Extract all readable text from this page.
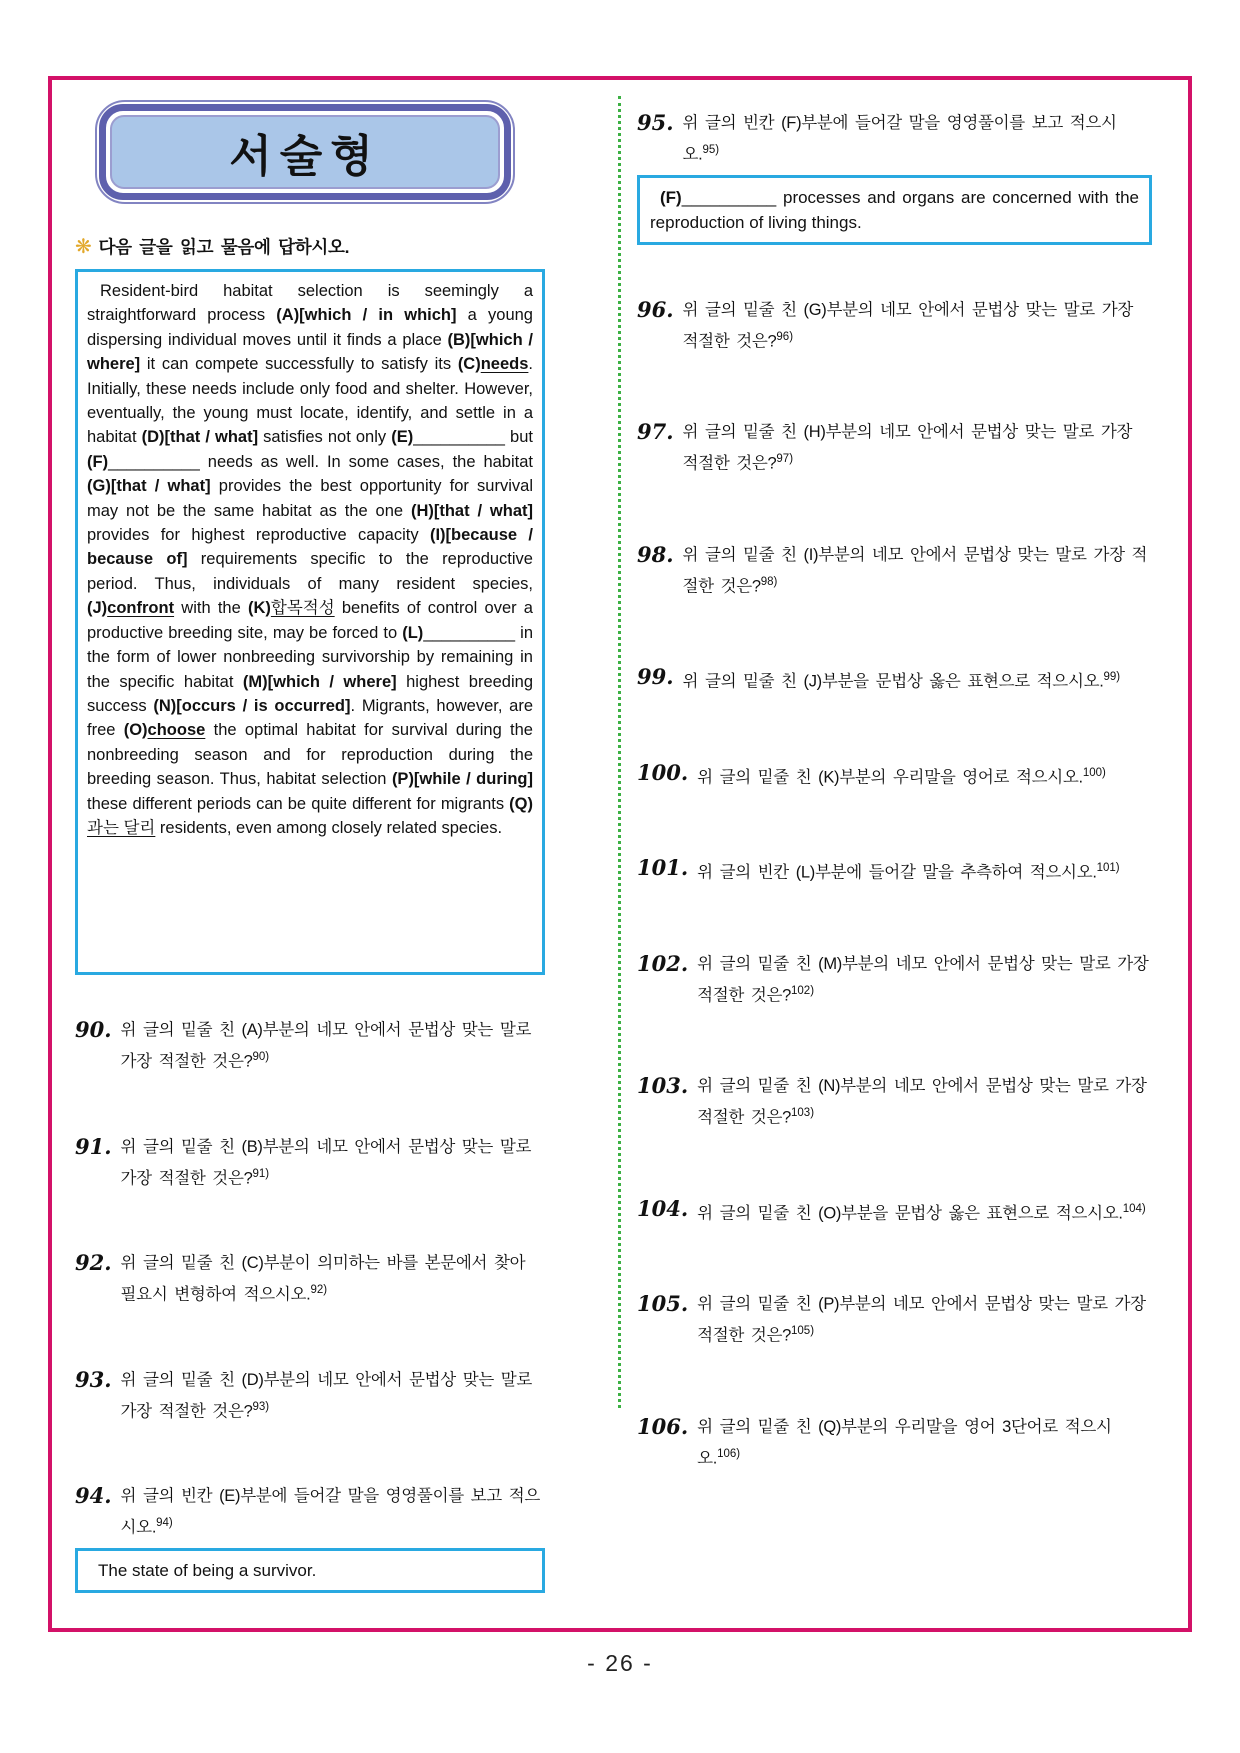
서술형
❋ 다음 글을 읽고 물음에 답하시오.
Resident-bird habitat selection is seemingly a straightforward process (A)[which / in which] a young dispersing individual moves until it finds a place (B)[which / where] it can compete successfully to satisfy its (C)needs. Initially, these needs include only food and shelter. However, eventually, the young must locate, identify, and settle in a habitat (D)[that / what] satisfies not only (E)__________ but (F)__________ needs as well. In some cases, the habitat (G)[that / what] provides the best opportunity for survival may not be the same habitat as the one (H)[that / what] provides for highest reproductive capacity (I)[because / because of] requirements specific to the reproductive period. Thus, individuals of many resident species, (J)confront with the (K)합목적성 benefits of control over a productive breeding site, may be forced to (L)__________ in the form of lower nonbreeding survivorship by remaining in the specific habitat (M)[which / where] highest breeding success (N)[occurs / is occurred]. Migrants, however, are free (O)choose the optimal habitat for survival during the nonbreeding season and for reproduction during the breeding season. Thus, habitat selection (P)[while / during] these different periods can be quite different for migrants (Q)과는 달리 residents, even among closely related species.
90. 위 글의 밑줄 친 (A)부분의 네모 안에서 문법상 맞는 말로 가장 적절한 것은?$^{90)}$
91. 위 글의 밑줄 친 (B)부분의 네모 안에서 문법상 맞는 말로 가장 적절한 것은?$^{91)}$
92. 위 글의 밑줄 친 (C)부분이 의미하는 바를 본문에서 찾아 필요시 변형하여 적으시오.$^{92)}$
93. 위 글의 밑줄 친 (D)부분의 네모 안에서 문법상 맞는 말로 가장 적절한 것은?$^{93)}$
94. 위 글의 빈칸 (E)부분에 들어갈 말을 영영풀이를 보고 적으시오.$^{94)}$
The state of being a survivor.
95. 위 글의 빈칸 (F)부분에 들어갈 말을 영영풀이를 보고 적으시오.$^{95)}$
(F)__________ processes and organs are concerned with the reproduction of living things.
96. 위 글의 밑줄 친 (G)부분의 네모 안에서 문법상 맞는 말로 가장 적절한 것은?$^{96)}$
97. 위 글의 밑줄 친 (H)부분의 네모 안에서 문법상 맞는 말로 가장 적절한 것은?$^{97)}$
98. 위 글의 밑줄 친 (I)부분의 네모 안에서 문법상 맞는 말로 가장 적절한 것은?$^{98)}$
99. 위 글의 밑줄 친 (J)부분을 문법상 옳은 표현으로 적으시오.$^{99)}$
100. 위 글의 밑줄 친 (K)부분의 우리말을 영어로 적으시오.$^{100)}$
101. 위 글의 빈칸 (L)부분에 들어갈 말을 추측하여 적으시오.$^{101)}$
102. 위 글의 밑줄 친 (M)부분의 네모 안에서 문법상 맞는 말로 가장 적절한 것은?$^{102)}$
103. 위 글의 밑줄 친 (N)부분의 네모 안에서 문법상 맞는 말로 가장 적절한 것은?$^{103)}$
104. 위 글의 밑줄 친 (O)부분을 문법상 옳은 표현으로 적으시오.$^{104)}$
105. 위 글의 밑줄 친 (P)부분의 네모 안에서 문법상 맞는 말로 가장 적절한 것은?$^{105)}$
106. 위 글의 밑줄 친 (Q)부분의 우리말을 영어 3단어로 적으시오.$^{106)}$
- 26 -
